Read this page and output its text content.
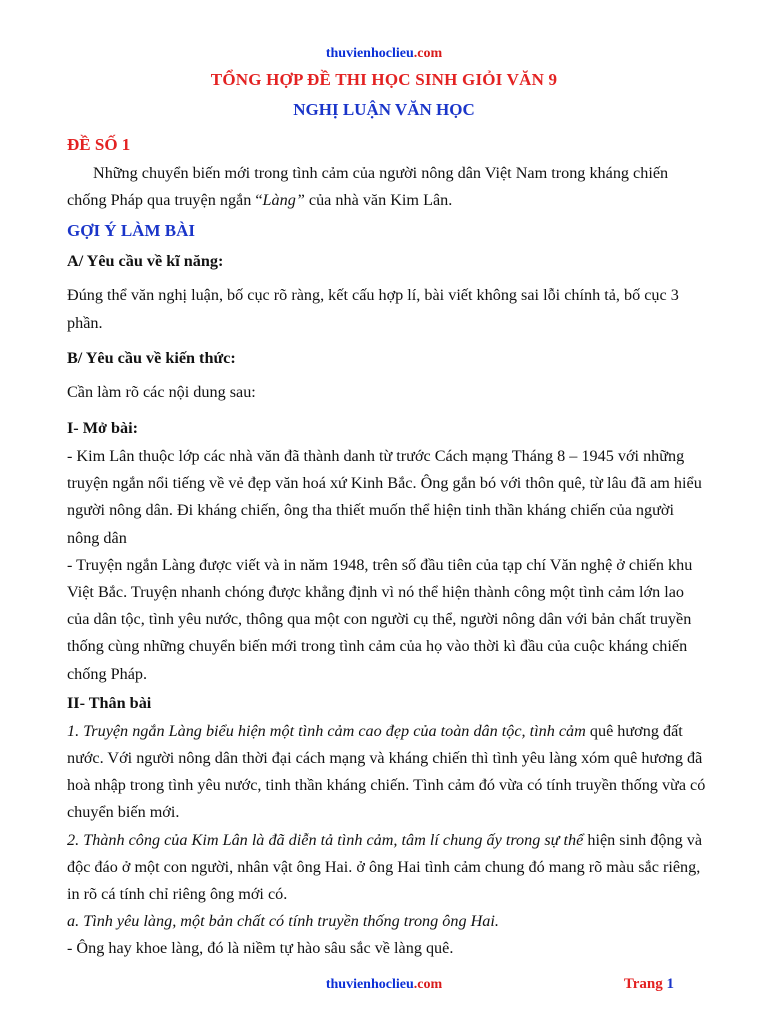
thuvienhoclieu.com
TỔNG HỢP ĐỀ THI HỌC SINH GIỎI VĂN 9
NGHỊ LUẬN VĂN HỌC

ĐỀ SỐ 1

Những chuyển biến mới trong tình cảm của người nông dân Việt Nam trong kháng chiến chống Pháp qua truyện ngắn “Làng” của nhà văn Kim Lân.

GỢI Ý LÀM BÀI

A/ Yêu cầu về kĩ năng:

Đúng thể văn nghị luận, bố cục rõ ràng, kết cấu hợp lí, bài viết không sai lỗi chính tả, bố cục 3 phần.

B/ Yêu cầu về kiến thức:

Cần làm rõ các nội dung sau:

I- Mở bài:

- Kim Lân thuộc lớp các nhà văn đã thành danh từ trước Cách mạng Tháng 8 – 1945 với những truyện ngắn nổi tiếng về vẻ đẹp văn hoá xứ Kinh Bắc. Ông gắn bó với thôn quê, từ lâu đã am hiểu người nông dân. Đi kháng chiến, ông tha thiết muốn thể hiện tinh thần kháng chiến của người nông dân

- Truyện ngắn Làng được viết và in năm 1948, trên số đầu tiên của tạp chí Văn nghệ ở chiến khu Việt Bắc. Truyện nhanh chóng được khẳng định vì nó thể hiện thành công một tình cảm lớn lao của dân tộc, tình yêu nước, thông qua một con người cụ thể, người nông dân với bản chất truyền thống cùng những chuyển biến mới trong tình cảm của họ vào thời kì đầu của cuộc kháng chiến chống Pháp.

II- Thân bài

1. Truyện ngắn Làng biểu hiện một tình cảm cao đẹp của toàn dân tộc, tình cảm quê hương đất nước. Với người nông dân thời đại cách mạng và kháng chiến thì tình yêu làng xóm quê hương đã hoà nhập trong tình yêu nước, tinh thần kháng chiến. Tình cảm đó vừa có tính truyền thống vừa có chuyển biến mới.

2. Thành công của Kim Lân là đã diễn tả tình cảm, tâm lí chung ấy trong sự thể hiện sinh động và độc đáo ở một con người, nhân vật ông Hai. ở ông Hai tình cảm chung đó mang rõ màu sắc riêng, in rõ cá tính chỉ riêng ông mới có.

a. Tình yêu làng, một bản chất có tính truyền thống trong ông Hai.

- Ông hay khoe làng, đó là niềm tự hào sâu sắc về làng quê.

thuvienhoclieu.com	Trang 1
